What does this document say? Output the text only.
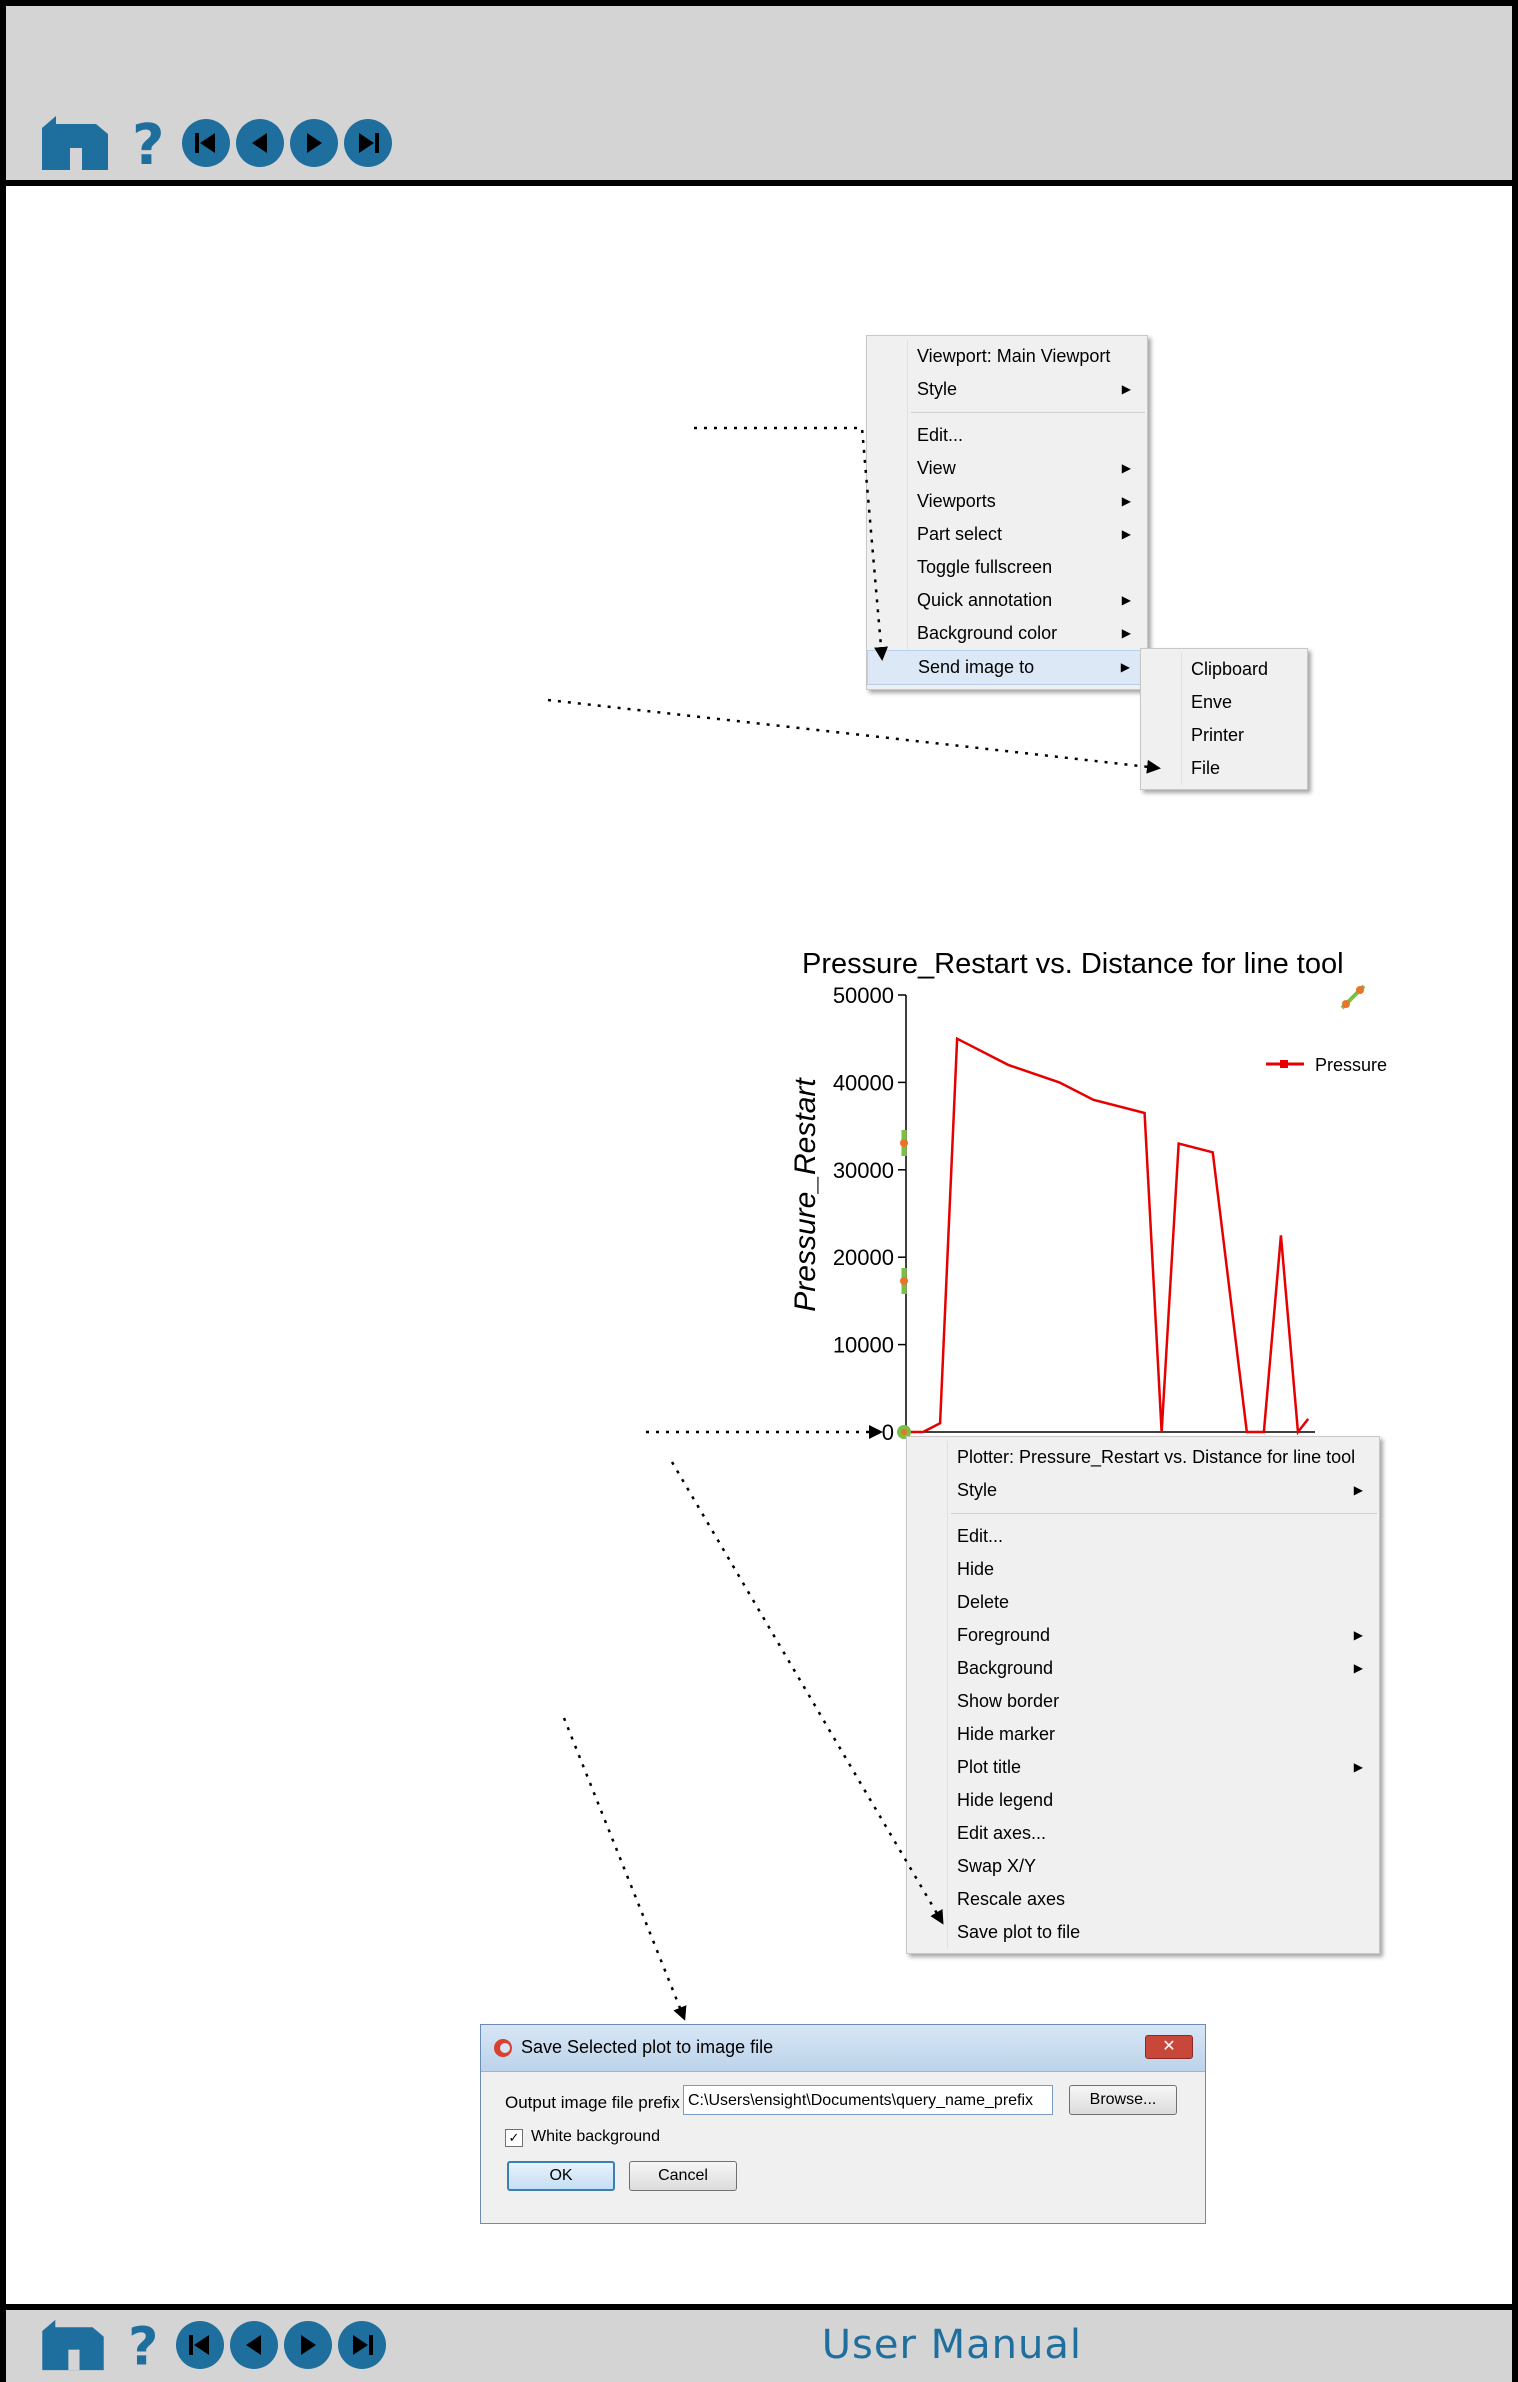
?
?	User Manual
Viewport: Main Viewport
Style	▶
Edit...
View	▶
Viewports	▶
Part select	▶
Toggle fullscreen
Quick annotation	▶
Background color	▶
Send image to	▶	Clipboard
Enve
Printer
File
Pressure_Restart vs. Distance for line tool
Pressure_Restart
50000
40000
30000
20000
10000
0
Pressure
Plotter: Pressure_Restart vs. Distance for line tool
Style	▶
Edit...
Hide
Delete
Foreground	▶
Background	▶
Show border
Hide marker
Plot title	▶
Hide legend
Edit axes...
Swap X/Y
Rescale axes
Save plot to file
Save Selected plot to image file	✕
Output image file prefix C:\Users\ensight\Documents\query_name_prefix	Browse...
✓ White background
OK	Cancel
